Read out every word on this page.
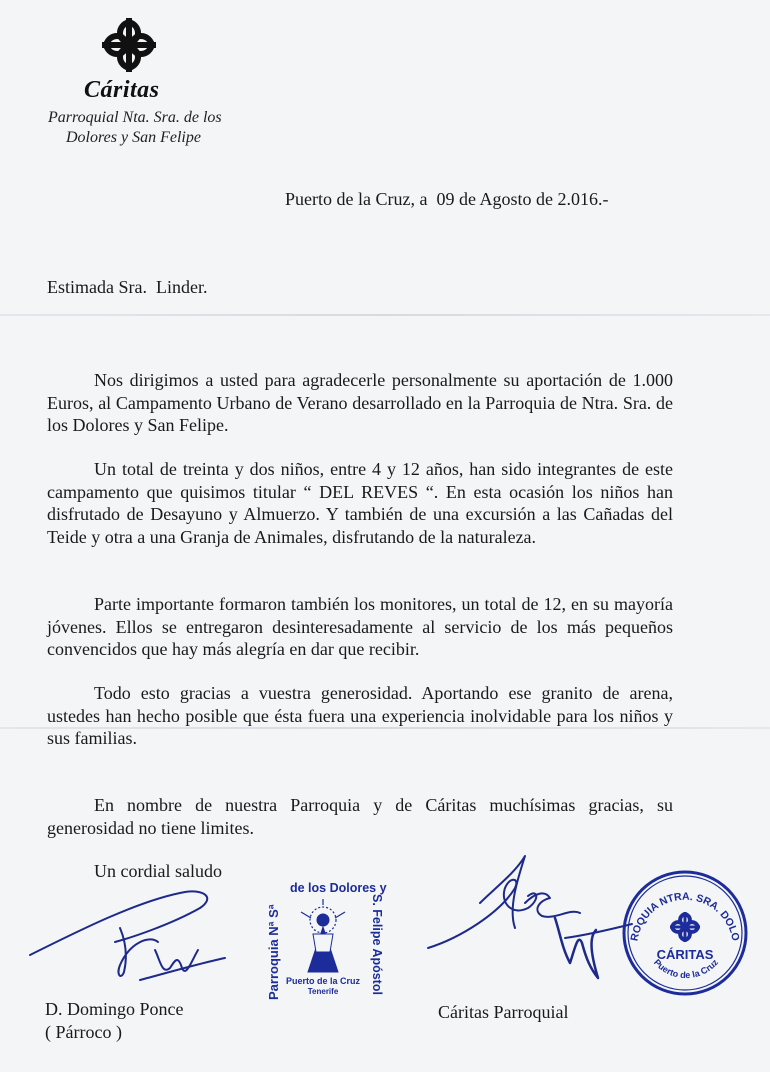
Cáritas
Parroquial Nta. Sra. de los
Dolores y San Felipe
Puerto de la Cruz, a  09 de Agosto de 2.016.-
Estimada Sra.  Linder.

Nos dirigimos a usted para agradecerle personalmente su aportación de 1.000 Euros, al Campamento Urbano de Verano desarrollado en la Parroquia de Ntra. Sra. de los Dolores y San Felipe.

Un total de treinta y dos niños, entre 4 y 12 años, han sido integrantes de este campamento que quisimos titular “ DEL REVES “. En esta ocasión los niños han disfrutado de Desayuno y Almuerzo. Y también de una excursión a las Cañadas del Teide y otra a una Granja de Animales, disfrutando de la naturaleza.

Parte importante formaron también los monitores, un total de 12, en su mayoría jóvenes. Ellos se entregaron desinteresadamente al servicio de los más pequeños convencidos que hay más alegría en dar que recibir.

Todo esto gracias a vuestra generosidad. Aportando ese granito de arena, ustedes han hecho posible que ésta fuera una experiencia inolvidable para los niños y sus familias.

En nombre de nuestra Parroquia y de Cáritas muchísimas gracias, su generosidad no tiene limites.

Un cordial saludo
D. Domingo Ponce
( Párroco )
Parroquia Nª Sª
de los Dolores y
S. Felipe Apóstol
Puerto de la Cruz
Tenerife
Cáritas Parroquial
ROQUIA NTRA. SRA. DOLO
CÁRITAS
Puerto de la Cruz
